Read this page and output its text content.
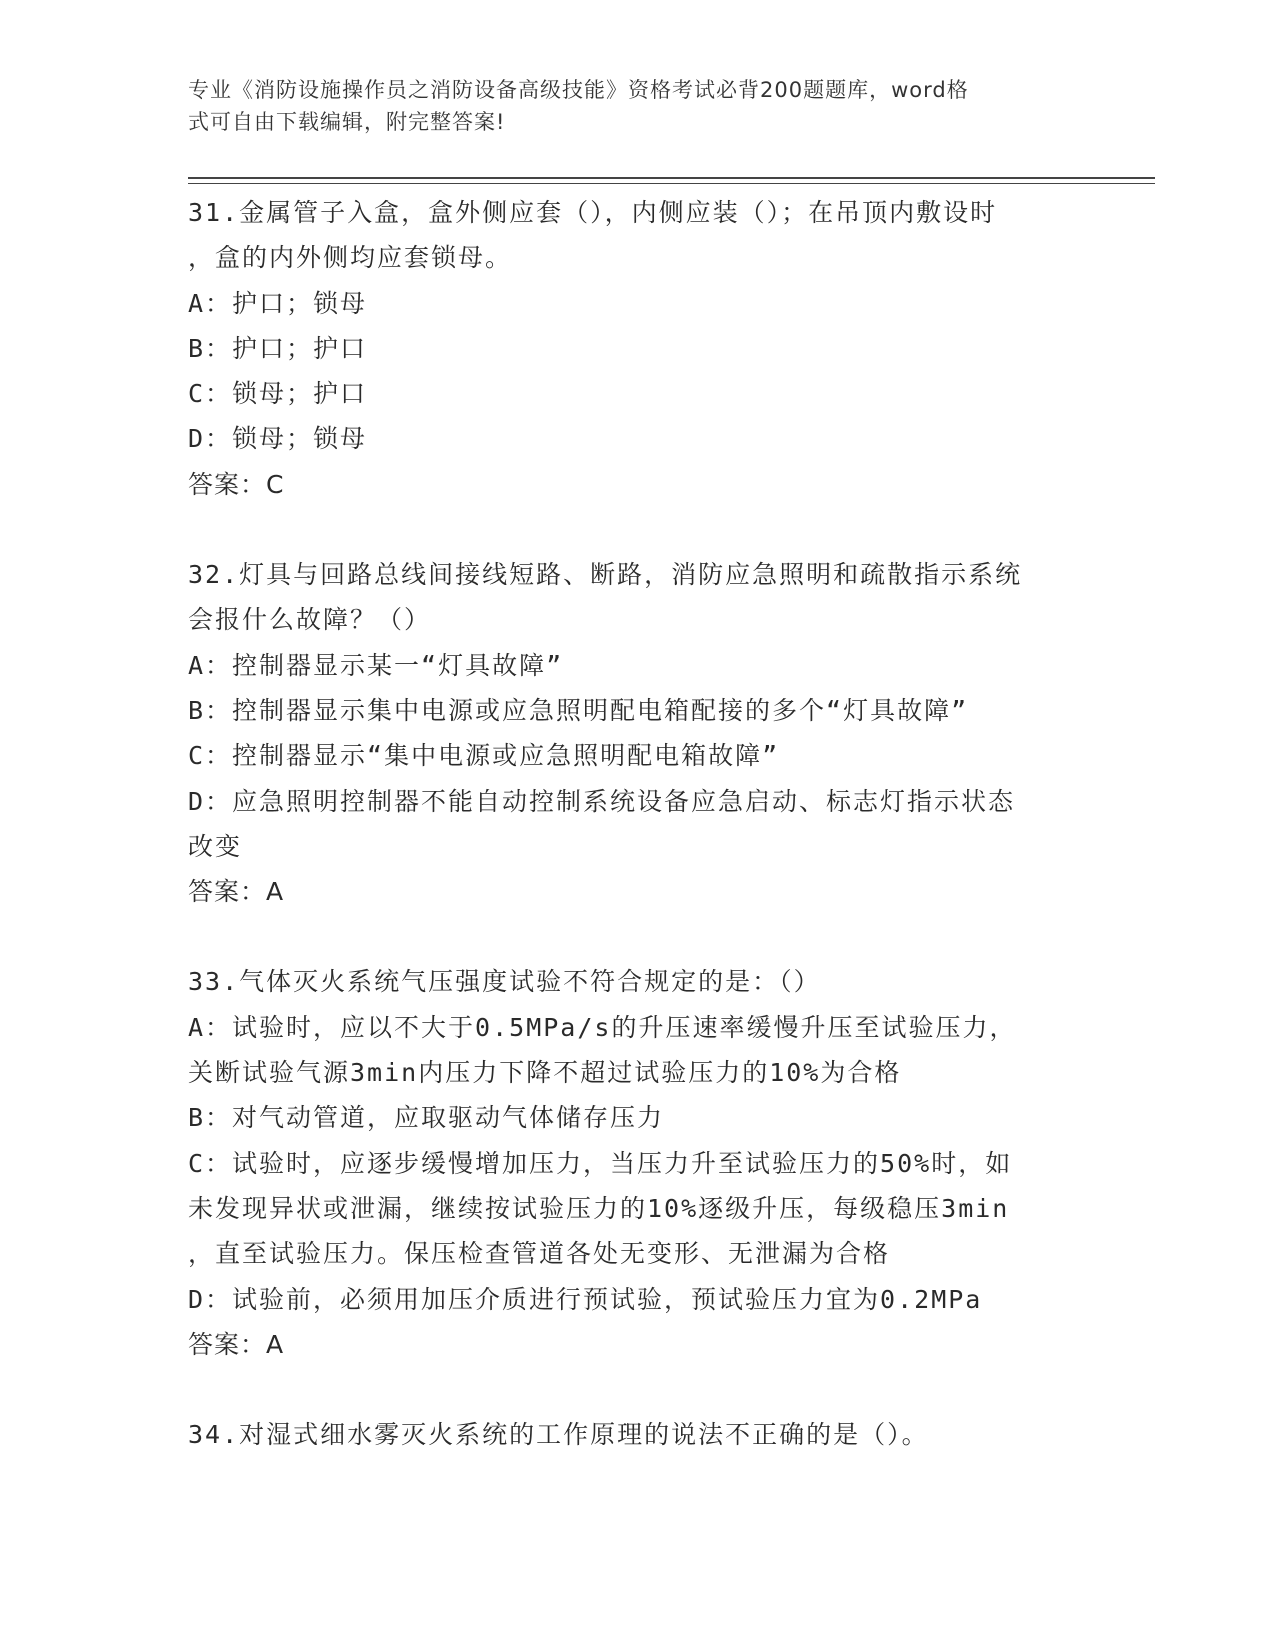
专业《消防设施操作员之消防设备高级技能》资格考试必背200题题库，word格
式可自由下载编辑，附完整答案!
31.金属管子入盒，盒外侧应套（），内侧应装（）；在吊顶内敷设时
，盒的内外侧均应套锁母。
A：护口；锁母
B：护口；护口
C：锁母；护口
D：锁母；锁母
答案：C
32.灯具与回路总线间接线短路、断路，消防应急照明和疏散指示系统
会报什么故障？（）
A：控制器显示某一“灯具故障”
B：控制器显示集中电源或应急照明配电箱配接的多个“灯具故障”
C：控制器显示“集中电源或应急照明配电箱故障”
D：应急照明控制器不能自动控制系统设备应急启动、标志灯指示状态
改变
答案：A
33.气体灭火系统气压强度试验不符合规定的是：（）
A：试验时，应以不大于0.5MPa/s的升压速率缓慢升压至试验压力，
关断试验气源3min内压力下降不超过试验压力的10%为合格
B：对气动管道，应取驱动气体储存压力
C：试验时，应逐步缓慢增加压力，当压力升至试验压力的50%时，如
未发现异状或泄漏，继续按试验压力的10%逐级升压，每级稳压3min
，直至试验压力。保压检查管道各处无变形、无泄漏为合格
D：试验前，必须用加压介质进行预试验，预试验压力宜为0.2MPa
答案：A
34.对湿式细水雾灭火系统的工作原理的说法不正确的是（）。
